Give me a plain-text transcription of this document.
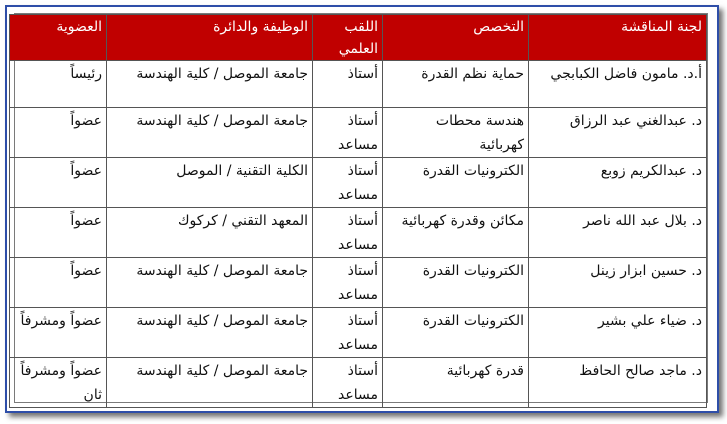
لجنة المناقشة	التخصص	اللقب العلمي	الوظيفة والدائرة	العضوية
أ.د. مامون فاضل الكبابجي	حماية نظم القدرة	أستاذ	جامعة الموصل / كلية الهندسة	رئيساً
د. عبدالغني عبد الرزاق	هندسة محطات كهربائية	أستاذ مساعد	جامعة الموصل / كلية الهندسة	عضواً
د. عبدالكريم زوبع	الكترونيات القدرة	أستاذ مساعد	الكلية التقنية / الموصل	عضواً
د. بلال عبد الله ناصر	مكائن وقدرة كهربائية	أستاذ مساعد	المعهد التقني / كركوك	عضواً
د. حسين ابزار زينل	الكترونيات القدرة	أستاذ مساعد	جامعة الموصل / كلية الهندسة	عضواً
د. ضياء علي بشير	الكترونيات القدرة	أستاذ مساعد	جامعة الموصل / كلية الهندسة	عضواً ومشرفاً
د. ماجد صالح الحافظ	قدرة كهربائية	أستاذ مساعد	جامعة الموصل / كلية الهندسة	عضواً ومشرفاً ثان
